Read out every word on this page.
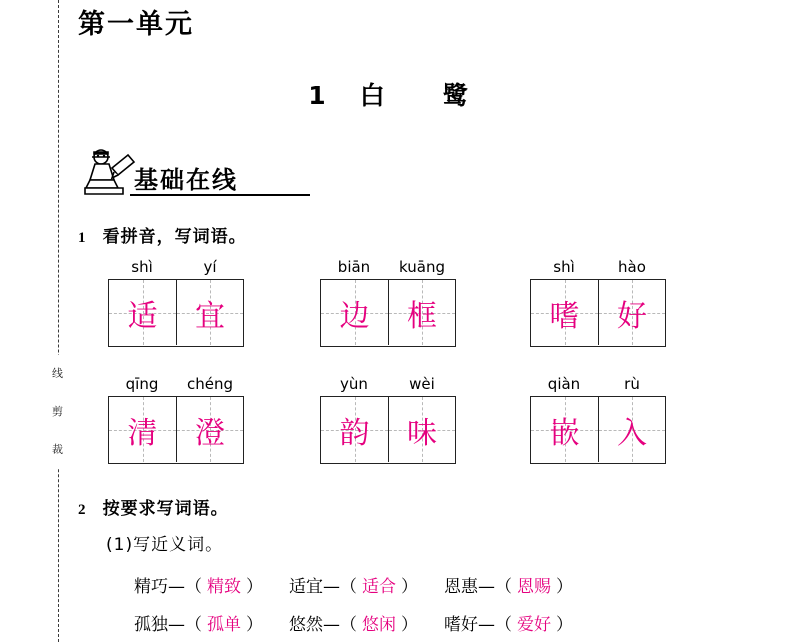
线
剪
裁
第一单元
1 白 鹭
基础在线
1 看拼音，写词语。
shì	yí
适	宜
biān	kuāng
边	框
shì	hào
嗜	好
qīng	chéng
清	澄
yùn	wèi
韵	味
qiàn	rù
嵌	入
2 按要求写词语。
(1)写近义词。
精巧—（ 精致 ） 适宜—（ 适合 ） 恩惠—（ 恩赐 ）
孤独—（ 孤单 ） 悠然—（ 悠闲 ） 嗜好—（ 爱好 ）
